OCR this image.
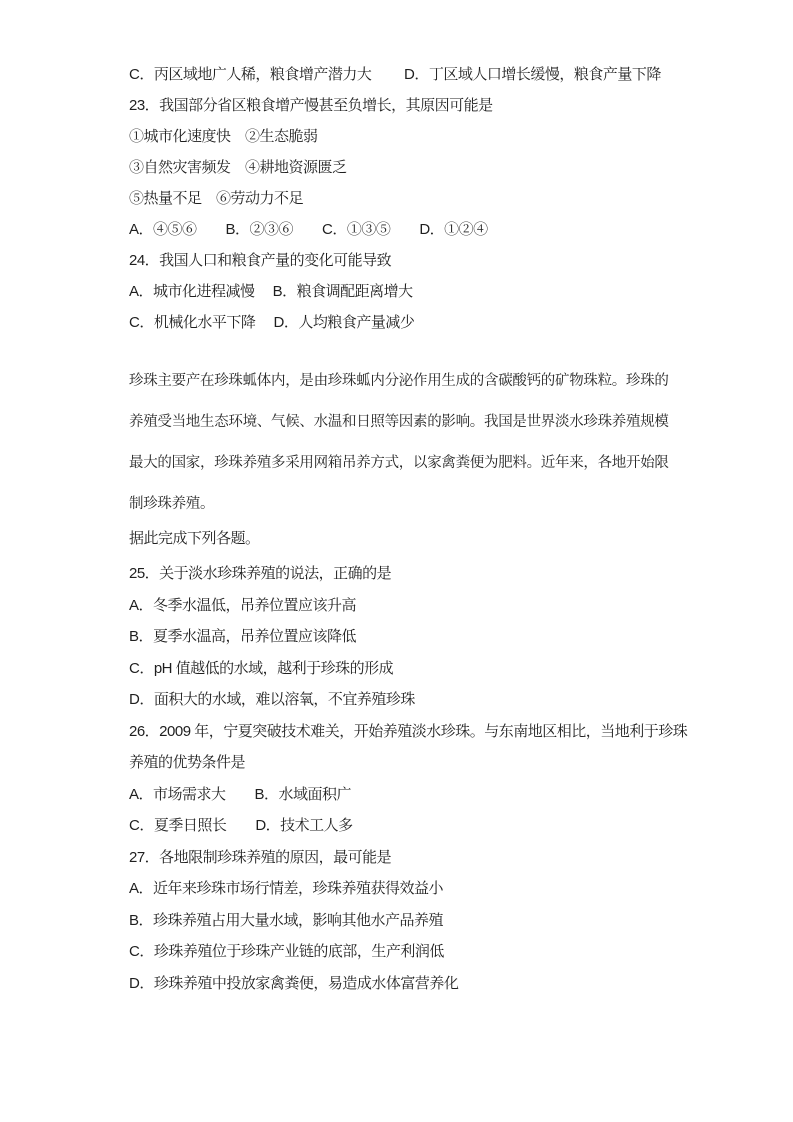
C．丙区域地广人稀，粮食增产潜力大　　 D．丁区域人口增长缓慢，粮食产量下降
23．我国部分省区粮食增产慢甚至负增长，其原因可能是
①城市化速度快　②生态脆弱
③自然灾害频发　④耕地资源匮乏
⑤热量不足　⑥劳动力不足
A．④⑤⑥　　B．②③⑥　　C．①③⑤　　D．①②④
24．我国人口和粮食产量的变化可能导致
A．城市化进程减慢　 B．粮食调配距离增大
C．机械化水平下降　 D．人均粮食产量减少
珍珠主要产在珍珠蛌体内，是由珍珠蛌内分泌作用生成的含碳酸钙的矿物珠粒。珍珠的
养殖受当地生态环境、气候、水温和日照等因素的影响。我国是世界淡水珍珠养殖规模
最大的国家，珍珠养殖多采用网箱吊养方式，以家禽粪便为肥料。近年来，各地开始限
制珍珠养殖。
据此完成下列各题。
25．关于淡水珍珠养殖的说法，正确的是
A．冬季水温低，吊养位置应该升高
B．夏季水温高，吊养位置应该降低
C．pH 值越低的水域，越利于珍珠的形成
D．面积大的水域，难以溶氧，不宜养殖珍珠
26．2009 年，宁夏突破技术难关，开始养殖淡水珍珠。与东南地区相比，当地利于珍珠
养殖的优势条件是
A．市场需求大　　B．水域面积广
C．夏季日照长　　D．技术工人多
27．各地限制珍珠养殖的原因，最可能是
A．近年来珍珠市场行情差，珍珠养殖获得效益小
B．珍珠养殖占用大量水域，影响其他水产品养殖
C．珍珠养殖位于珍珠产业链的底部，生产利润低
D．珍珠养殖中投放家禽粪便，易造成水体富营养化
